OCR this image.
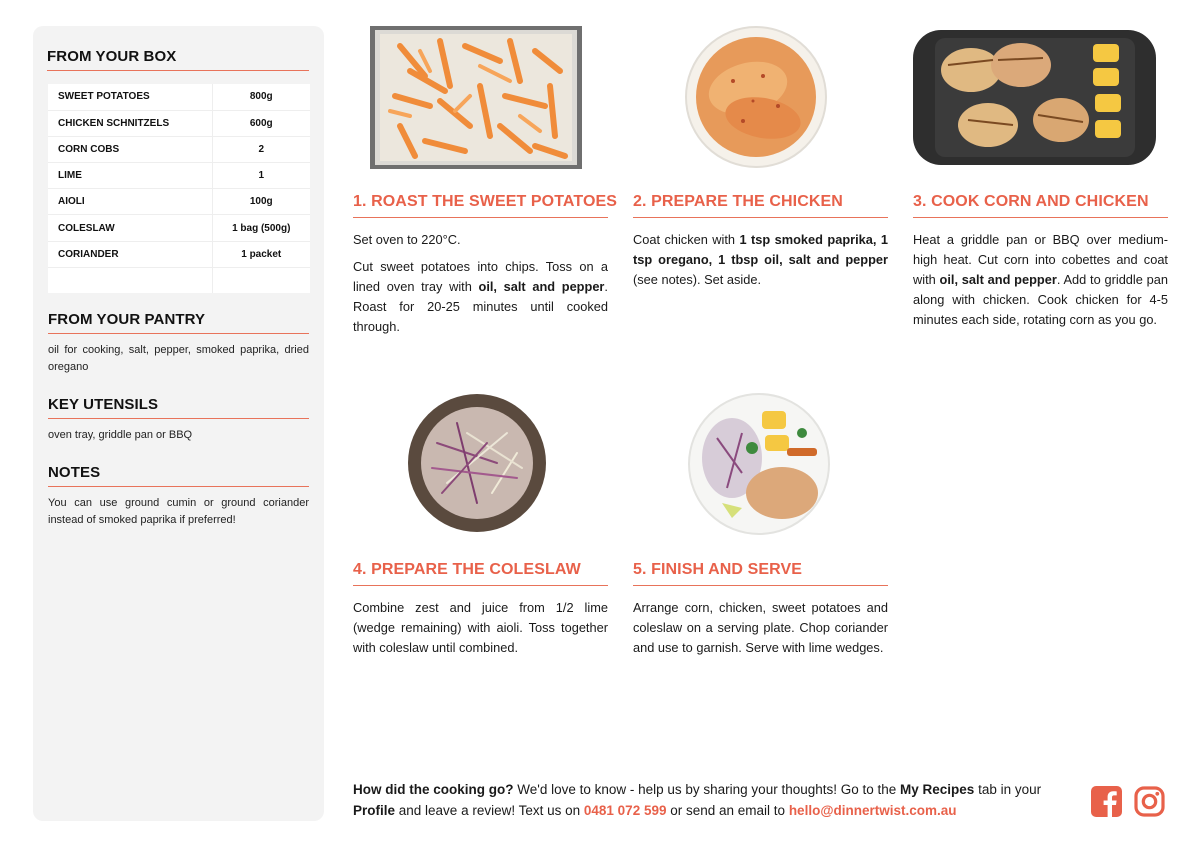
FROM YOUR BOX
SWEET POTATOES	800g
CHICKEN SCHNITZELS	600g
CORN COBS	2
LIME	1
AIOLI	100g
COLESLAW	1 bag (500g)
CORIANDER	1 packet

FROM YOUR PANTRY
oil for cooking, salt, pepper, smoked paprika, dried oregano
KEY UTENSILS
oven tray, griddle pan or BBQ
NOTES
You can use ground cumin or ground coriander instead of smoked paprika if preferred!
1. ROAST THE SWEET POTATOES

Set oven to 220°C.

Cut sweet potatoes into chips. Toss on a lined oven tray with oil, salt and pepper. Roast for 20-25 minutes until cooked through.

2. PREPARE THE CHICKEN

Coat chicken with 1 tsp smoked paprika, 1 tsp oregano, 1 tbsp oil, salt and pepper (see notes). Set aside.

3. COOK CORN AND CHICKEN

Heat a griddle pan or BBQ over medium-high heat. Cut corn into cobettes and coat with oil, salt and pepper. Add to griddle pan along with chicken. Cook chicken for 4-5 minutes each side, rotating corn as you go.

4. PREPARE THE COLESLAW

Combine zest and juice from 1/2 lime (wedge remaining) with aioli. Toss together with coleslaw until combined.

5. FINISH AND SERVE

Arrange corn, chicken, sweet potatoes and coleslaw on a serving plate. Chop coriander and use to garnish. Serve with lime wedges.

How did the cooking go? We'd love to know - help us by sharing your thoughts! Go to the My Recipes tab in your Profile and leave a review! Text us on 0481 072 599 or send an email to hello@dinnertwist.com.au
